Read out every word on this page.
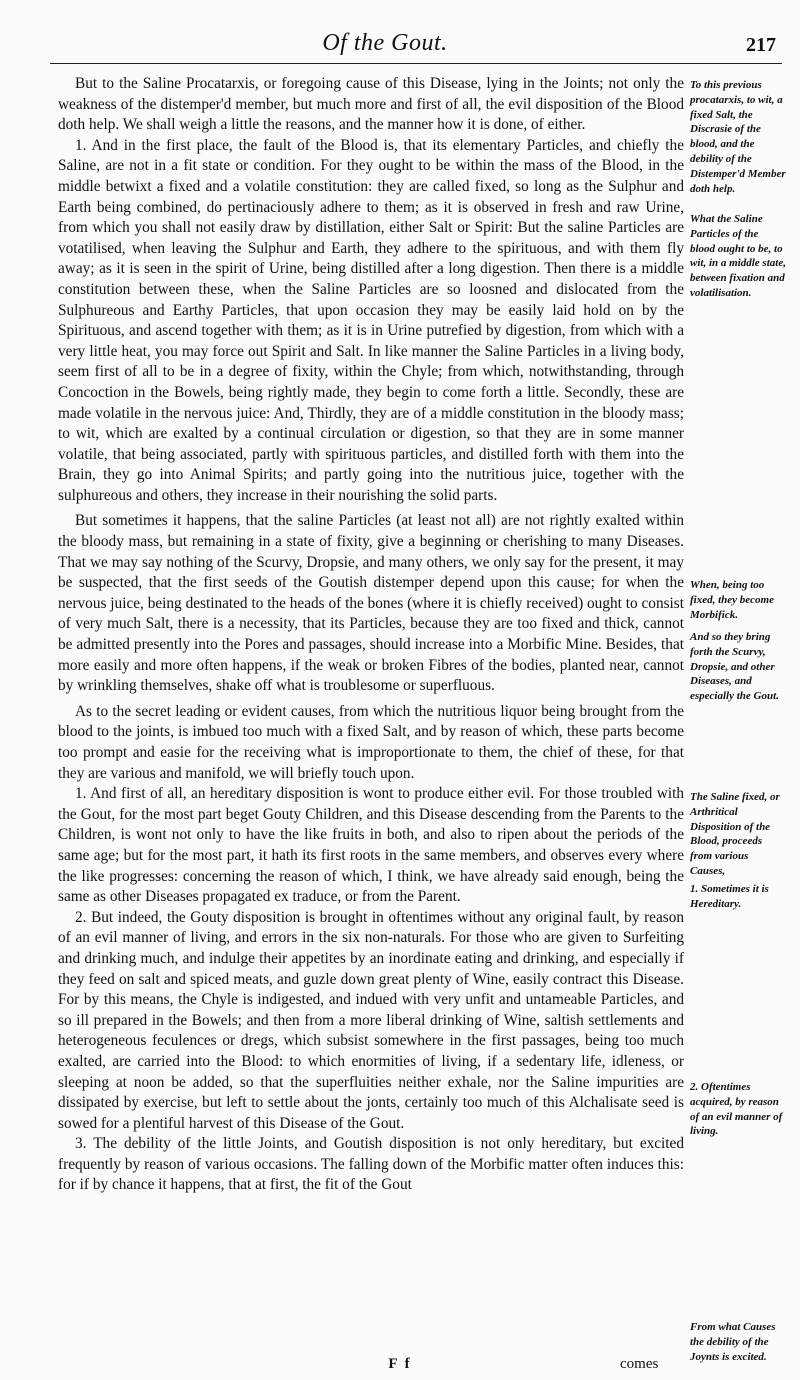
Of the Gout.	217

But to the Saline Procatarxis, or foregoing cause of this Disease, lying in the Joints; not only the weakness of the distemper'd member, but much more and first of all, the evil disposition of the Blood doth help. We shall weigh a little the reasons, and the manner how it is done, of either.

1. And in the first place, the fault of the Blood is, that its elementary Particles, and chiefly the Saline, are not in a fit state or condition. For they ought to be within the mass of the Blood, in the middle betwixt a fixed and a volatile constitution: they are called fixed, so long as the Sulphur and Earth being combined, do pertinaciously adhere to them; as it is observed in fresh and raw Urine, from which you shall not easily draw by distillation, either Salt or Spirit: But the saline Particles are votatilised, when leaving the Sulphur and Earth, they adhere to the spirituous, and with them fly away; as it is seen in the spirit of Urine, being distilled after a long digestion. Then there is a middle constitution between these, when the Saline Particles are so loosned and dislocated from the Sulphureous and Earthy Particles, that upon occasion they may be easily laid hold on by the Spirituous, and ascend together with them; as it is in Urine putrefied by digestion, from which with a very little heat, you may force out Spirit and Salt. In like manner the Saline Particles in a living body, seem first of all to be in a degree of fixity, within the Chyle; from which, notwithstanding, through Concoction in the Bowels, being rightly made, they begin to come forth a little. Secondly, these are made volatile in the nervous juice: And, Thirdly, they are of a middle constitution in the bloody mass; to wit, which are exalted by a continual circulation or digestion, so that they are in some manner volatile, that being associated, partly with spirituous particles, and distilled forth with them into the Brain, they go into Animal Spirits; and partly going into the nutritious juice, together with the sulphureous and others, they increase in their nourishing the solid parts.

But sometimes it happens, that the saline Particles (at least not all) are not rightly exalted within the bloody mass, but remaining in a state of fixity, give a beginning or cherishing to many Diseases. That we may say nothing of the Scurvy, Dropsie, and many others, we only say for the present, it may be suspected, that the first seeds of the Goutish distemper depend upon this cause; for when the nervous juice, being destinated to the heads of the bones (where it is chiefly received) ought to consist of very much Salt, there is a necessity, that its Particles, because they are too fixed and thick, cannot be admitted presently into the Pores and passages, should increase into a Morbific Mine. Besides, that more easily and more often happens, if the weak or broken Fibres of the bodies, planted near, cannot by wrinkling themselves, shake off what is troublesome or superfluous.

As to the secret leading or evident causes, from which the nutritious liquor being brought from the blood to the joints, is imbued too much with a fixed Salt, and by reason of which, these parts become too prompt and easie for the receiving what is improportionate to them, the chief of these, for that they are various and manifold, we will briefly touch upon.

1. And first of all, an hereditary disposition is wont to produce either evil. For those troubled with the Gout, for the most part beget Gouty Children, and this Disease descending from the Parents to the Children, is wont not only to have the like fruits in both, and also to ripen about the periods of the same age; but for the most part, it hath its first roots in the same members, and observes every where the like progresses: concerning the reason of which, I think, we have already said enough, being the same as other Diseases propagated ex traduce, or from the Parent.

2. But indeed, the Gouty disposition is brought in oftentimes without any original fault, by reason of an evil manner of living, and errors in the six non-naturals. For those who are given to Surfeiting and drinking much, and indulge their appetites by an inordinate eating and drinking, and especially if they feed on salt and spiced meats, and guzle down great plenty of Wine, easily contract this Disease. For by this means, the Chyle is indigested, and indued with very unfit and untameable Particles, and so ill prepared in the Bowels; and then from a more liberal drinking of Wine, saltish settlements and heterogeneous feculences or dregs, which subsist somewhere in the first passages, being too much exalted, are carried into the Blood: to which enormities of living, if a sedentary life, idleness, or sleeping at noon be added, so that the superfluities neither exhale, nor the Saline impurities are dissipated by exercise, but left to settle about the jonts, certainly too much of this Alchalisate seed is sowed for a plentiful harvest of this Disease of the Gout.

3. The debility of the little Joints, and Goutish disposition is not only hereditary, but excited frequently by reason of various occasions. The falling down of the Morbific matter often induces this: for if by chance it happens, that at first, the fit of the Gout

To this previous procatarxis, to wit, a fixed Salt, the Discrasie of the blood, and the debility of the Distemper'd Member doth help.
What the Saline Particles of the blood ought to be, to wit, in a middle state, between fixation and volatilisation.
When, being too fixed, they become Morbifick.
And so they bring forth the Scurvy, Dropsie, and other Diseases, and especially the Gout.
The Saline fixed, or Arthritical Disposition of the Blood, proceeds from various Causes,
1. Sometimes it is Hereditary.
2. Oftentimes acquired, by reason of an evil manner of living.
From what Causes the debility of the Joynts is excited.
F f	comes
